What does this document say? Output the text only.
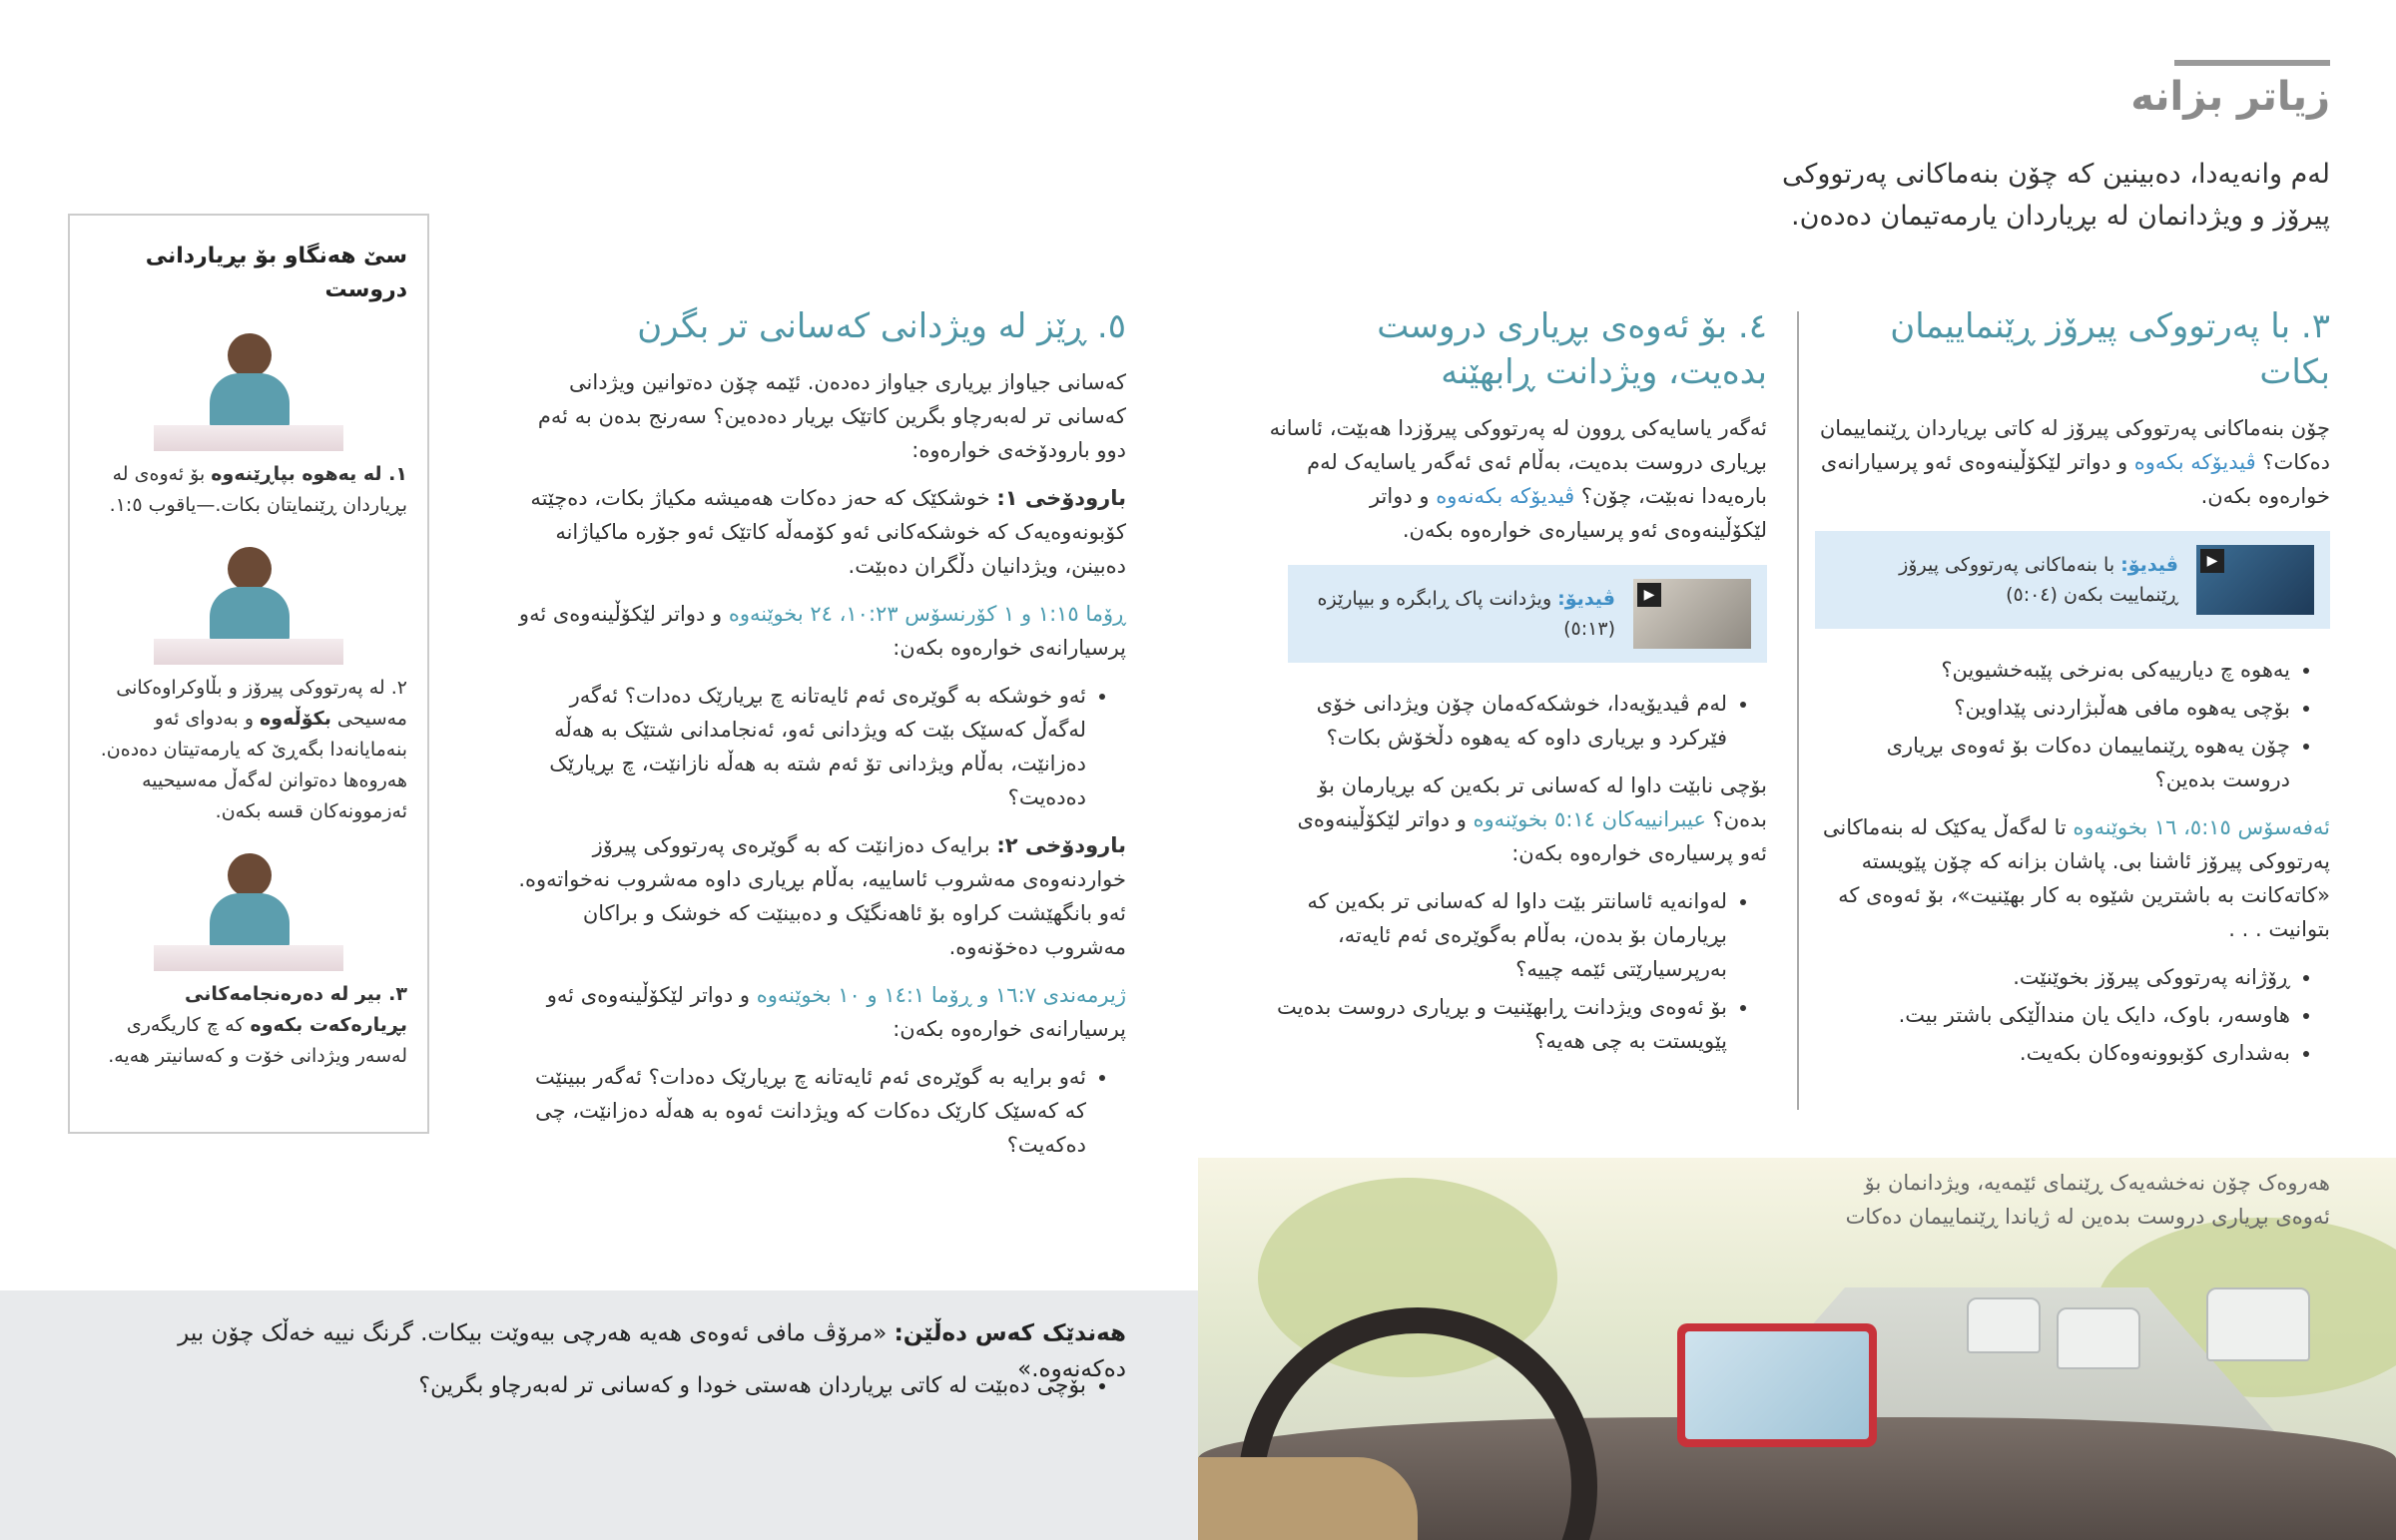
زیاتر بزانە
لەم وانەیەدا، دەبینین کە چۆن بنەماکانی پەرتووکی پیرۆز و ویژدانمان لە بڕیاردان یارمەتیمان دەدەن.
٣. با پەرتووکی پیرۆز ڕێنماییمان بکات

چۆن بنەماکانی پەرتووکی پیرۆز لە کاتی بڕیاردان ڕێنماییمان دەکات؟ ڤیدیۆکە بکەوە و دواتر لێکۆڵینەوەی ئەو پرسیارانەی خوارەوە بکەن.

▶
ڤیدیۆ: با بنەماکانی پەرتووکی پیرۆز ڕێنماییت بکەن (٥:٠٤)
• یەهوە چ دیارییەکی بەنرخی پێبەخشیوین؟
• بۆچی یەهوە مافی هەڵبژاردنی پێداوین؟
• چۆن یەهوە ڕێنماییمان دەکات بۆ ئەوەی بڕیاری دروست بدەین؟

ئەفەسۆس ٥:١٥، ١٦ بخوێنەوە تا لەگەڵ یەکێک لە بنەماکانی پەرتووکی پیرۆز ئاشنا بی. پاشان بزانە کە چۆن پێویستە «کاتەکانت بە باشترین شێوە بە کار بهێنیت»، بۆ ئەوەی کە بتوانیت . . .

• ڕۆژانە پەرتووکی پیرۆز بخوێنێت.
• هاوسەر، باوک، دایک یان منداڵێکی باشتر بیت.
• بەشداری کۆبوونەوەکان بکەیت.
٤. بۆ ئەوەی بڕیاری دروست بدەیت، ویژدانت ڕابهێنە

ئەگەر یاسایەکی ڕوون لە پەرتووکی پیرۆزدا هەبێت، ئاسانە بڕیاری دروست بدەیت، بەڵام ئەی ئەگەر یاسایەک لەم بارەیەدا نەبێت، چۆن؟ ڤیدیۆکە بکەنەوە و دواتر لێکۆڵینەوەی ئەو پرسیارەی خوارەوە بکەن.

▶
ڤیدیۆ: ویژدانت پاک ڕابگرە و بیپارێزە (٥:١٣)
• لەم ڤیدیۆیەدا، خوشکەکەمان چۆن ویژدانی خۆی فێرکرد و بڕیاری داوە کە یەهوە دڵخۆش بکات؟

بۆچی نابێت داوا لە کەسانی تر بکەین کە بڕیارمان بۆ بدەن؟ عیبرانییەکان ٥:١٤ بخوێنەوە و دواتر لێکۆڵینەوەی ئەو پرسیارەی خوارەوە بکەن:

• لەوانەیە ئاسانتر بێت داوا لە کەسانی تر بکەین کە بڕیارمان بۆ بدەن، بەڵام بەگوێرەی ئەم ئایەتە، بەرپرسیارێتی ئێمە چییە؟
• بۆ ئەوەی ویژدانت ڕابهێنیت و بڕیاری دروست بدەیت پێویستت بە چی هەیە؟
٥. ڕێز لە ویژدانی کەسانی تر بگرن

کەسانی جیاواز بڕیاری جیاواز دەدەن. ئێمە چۆن دەتوانین ویژدانی کەسانی تر لەبەرچاو بگرین کاتێک بڕیار دەدەین؟ سەرنج بدەن بە ئەم دوو بارودۆخەی خوارەوە:

بارودۆخی ١: خوشکێک کە حەز دەکات هەمیشە مکیاژ بکات، دەچێتە کۆبونەوەیەک کە خوشکەکانی ئەو کۆمەڵە کاتێک ئەو جۆرە ماکیاژانە دەبینن، ویژدانیان دڵگران دەبێت.

ڕۆما ١:١٥ و ١ کۆرنسۆس ١٠:٢٣، ٢٤ بخوێنەوە و دواتر لێکۆڵینەوەی ئەو پرسیارانەی خوارەوە بکەن:

• ئەو خوشکە بە گوێرەی ئەم ئایەتانە چ بڕیارێک دەدات؟ ئەگەر لەگەڵ کەسێک بێت کە ویژدانی ئەو، ئەنجامدانی شتێک بە هەڵە دەزانێت، بەڵام ویژدانی تۆ ئەم شتە بە هەڵە نازانێت، چ بڕیارێک دەدەیت؟

بارودۆخی ٢: برایەک دەزانێت کە بە گوێرەی پەرتووکی پیرۆز خواردنەوەی مەشروب ئاساییە، بەڵام بڕیاری داوە مەشروب نەخواتەوە. ئەو بانگهێشت کراوە بۆ ئاهەنگێک و دەبینێت کە خوشک و براکان مەشروب دەخۆنەوە.

ژیرمەندی ١٦:٧ و ڕۆما ١٤:١ و ١٠ بخوێنەوە و دواتر لێکۆڵینەوەی ئەو پرسیارانەی خوارەوە بکەن:

• ئەو برایە بە گوێرەی ئەم ئایەتانە چ بڕیارێک دەدات؟ ئەگەر ببینێت کە کەسێک کارێک دەکات کە ویژدانت ئەوە بە هەڵە دەزانێت، چی دەکەیت؟
سێ هەنگاو بۆ بڕیاردانی دروست
١. لە یەهوە بپاڕێنەوە بۆ ئەوەی لە بڕیاردان ڕێنمایتان بکات.—یاقوب ١:٥.
٢. لە پەرتووکی پیرۆز و بڵاوکراوەکانی مەسیحی بکۆڵەوە و بەدوای ئەو بنەمایانەدا بگەڕێ کە یارمەتیتان دەدەن. هەروەها دەتوانن لەگەڵ مەسیحییە ئەزموونەکان قسە بکەن.
٣. بیر لە دەرەنجامەکانی بڕیارەکەت بکەوە کە چ کاریگەری لەسەر ویژدانی خۆت و کەسانیتر هەیە.
هەندێک کەس دەڵێن: «مرۆڤ مافی ئەوەی هەیە هەرچی بیەوێت بیکات. گرنگ نییە خەڵک چۆن بیر دەکەنەوە.»
• بۆچی دەبێت لە کاتی بڕیاردان هەستی خودا و کەسانی تر لەبەرچاو بگرین؟
هەروەک چۆن نەخشەیەک ڕێنمای ئێمەیە، ویژدانمان بۆ ئەوەی بڕیاری دروست بدەین لە ژیاندا ڕێنماییمان دەکات
